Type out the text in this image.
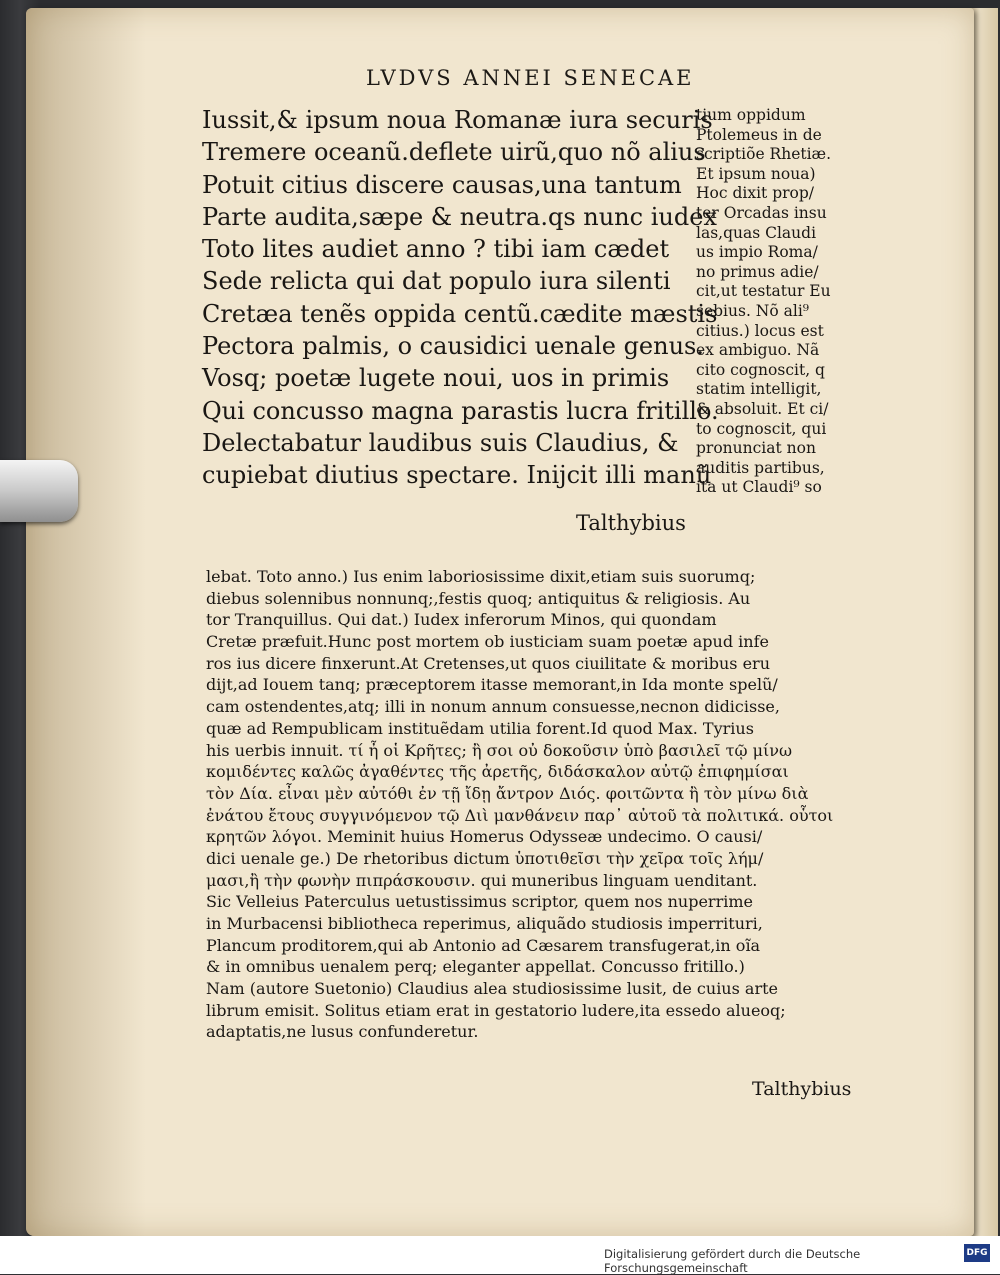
LVDVS ANNEI SENECAE
Iussit,& ipsum noua Romanæ iura securis
Tremere oceanũ.deflete uirũ,quo nõ alius
Potuit citius discere causas,una tantum
Parte audita,sæpe & neutra.qs nunc iudex
Toto lites audiet anno ? tibi iam cædet
Sede relicta qui dat populo iura silenti
Cretæa tenẽs oppida centũ.cædite mæstis
Pectora palmis, o causidici uenale genus.
Vosq; poetæ lugete noui, uos in primis
Qui concusso magna parastis lucra fritillo.
Delectabatur laudibus suis Claudius, &
cupiebat diutius spectare. Inijcit illi manũ
Talthybius
tium oppidum
Ptolemeus in de
scriptiõe Rhetiæ.
Et ipsum noua)
Hoc dixit prop/
ter Orcadas insu
las,quas Claudi
us impio Roma/
no primus adie/
cit,ut testatur Eu
sebius. Nõ ali⁹
citius.) locus est
ex ambiguo. Nã
cito cognoscit, q
statim intelligit,
& absoluit. Et ci/
to cognoscit, qui
pronunciat non
auditis partibus,
ita ut Claudi⁹ so
lebat. Toto anno.) Ius enim laboriosissime dixit,etiam suis suorumq;
diebus solennibus nonnunq;,festis quoq; antiquitus & religiosis. Au
tor Tranquillus. Qui dat.) Iudex inferorum Minos, qui quondam
Cretæ præfuit.Hunc post mortem ob iusticiam suam poetæ apud infe
ros ius dicere finxerunt.At Cretenses,ut quos ciuilitate & moribus eru
dijt,ad Iouem tanq; præceptorem itasse memorant,in Ida monte spelũ/
cam ostendentes,atq; illi in nonum annum consuesse,necnon didicisse,
quæ ad Rempublicam instituẽdam utilia forent.Id quod Max. Tyrius
his uerbis innuit. τί ἦ οἱ Κρῆτες; ἢ σοι οὐ δοκοῦσιν ὑπὸ βασιλεῖ τῷ μίνω
κομιδέντες καλῶς ἀγαθέντες τῆς ἀρετῆς, διδάσκαλον αὐτῷ ἐπιφημίσαι
τὸν Δία. εἶναι μὲν αὐτόθι ἐν τῇ ἴδῃ ἄντρον Διός. φοιτῶντα ἢ τὸν μίνω διὰ
ἐνάτου ἔτους συγγινόμενον τῷ Διὶ μανθάνειν παρ᾽ αὐτοῦ τὰ πολιτικά. οὗτοι
κρητῶν λόγοι. Meminit huius Homerus Odysseæ undecimo. O causi/
dici uenale ge.) De rhetoribus dictum ὑποτιθεῖσι τὴν χεῖρα τοῖς λήμ/
μασι,ἢ τὴν φωνὴν πιπράσκουσιν. qui muneribus linguam uenditant.
Sic Velleius Paterculus uetustissimus scriptor, quem nos nuperrime
in Murbacensi bibliotheca reperimus, aliquãdo studiosis imperrituri,
Plancum proditorem,qui ab Antonio ad Cæsarem transfugerat,in oĩa
& in omnibus uenalem perq; eleganter appellat. Concusso fritillo.)
Nam (autore Suetonio) Claudius alea studiosissime lusit, de cuius arte
librum emisit. Solitus etiam erat in gestatorio ludere,ita essedo alueoq;
adaptatis,ne lusus confunderetur.
Talthybius
Digitalisierung gefördert durch die Deutsche Forschungsgemeinschaft
DFG
